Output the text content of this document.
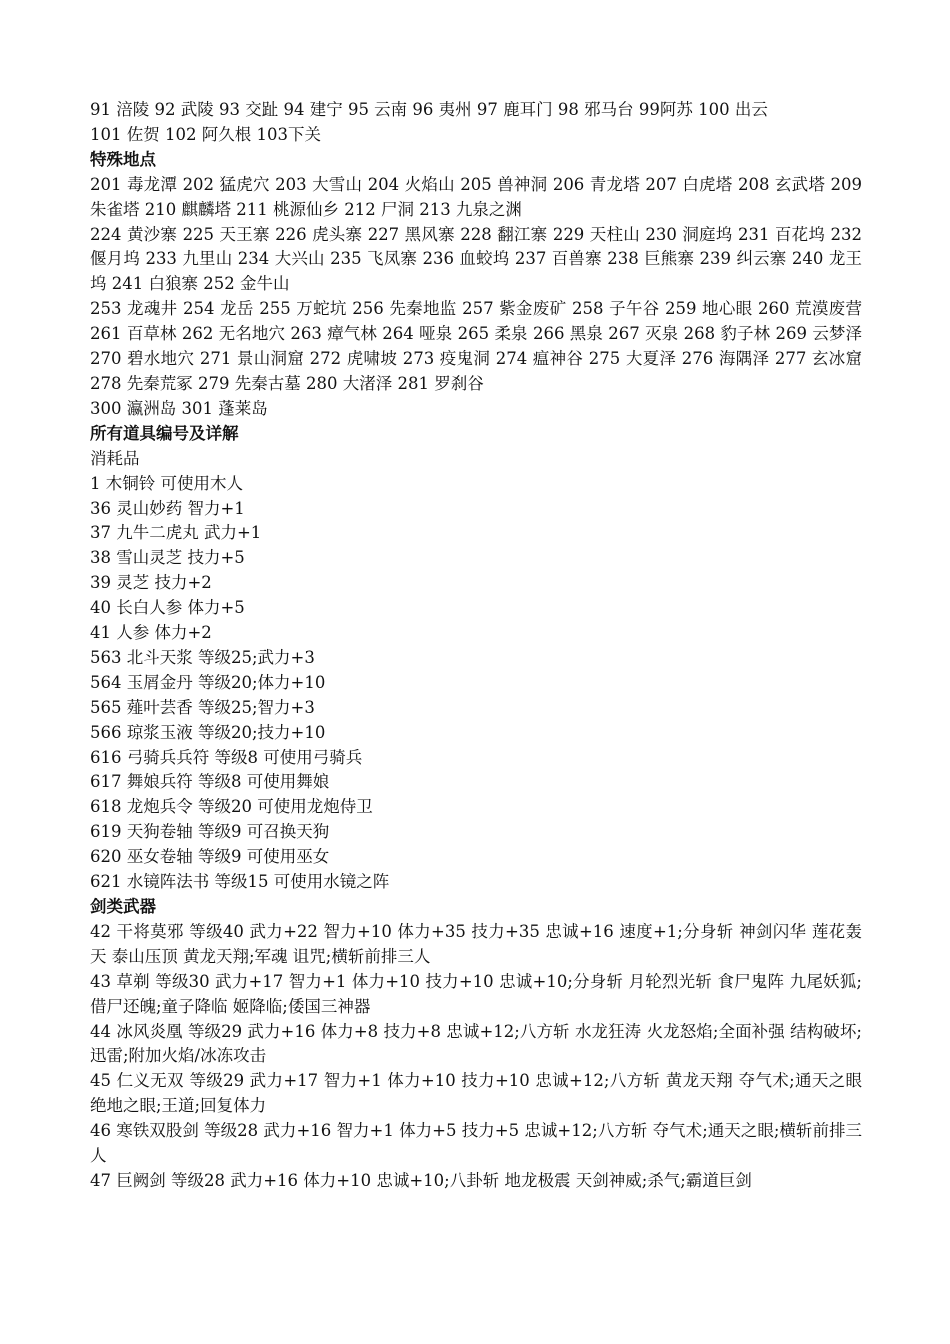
91 涪陵 92 武陵 93 交趾 94 建宁 95 云南 96 夷州 97 鹿耳门 98 邪马台 99阿苏 100 出云

101 佐贺 102 阿久根 103下关

特殊地点

201 毒龙潭 202 猛虎穴 203 大雪山 204 火焰山 205 兽神洞 206 青龙塔 207 白虎塔 208 玄武塔 209 朱雀塔 210 麒麟塔 211 桃源仙乡 212 尸洞 213 九泉之渊

224 黄沙寨 225 天王寨 226 虎头寨 227 黑风寨 228 翻江寨 229 天柱山 230 洞庭坞 231 百花坞 232 偃月坞 233 九里山 234 大兴山 235 飞凤寨 236 血蛟坞 237 百兽寨 238 巨熊寨 239 纠云寨 240 龙王坞 241 白狼寨 252 金牛山

253 龙魂井 254 龙岳 255 万蛇坑 256 先秦地监 257 紫金废矿 258 子午谷 259 地心眼 260 荒漠废营 261 百草林 262 无名地穴 263 瘴气林 264 哑泉 265 柔泉 266 黑泉 267 灭泉 268 豹子林 269 云梦泽 270 碧水地穴 271 景山洞窟 272 虎啸坡 273 疫鬼洞 274 瘟神谷 275 大夏泽 276 海隅泽 277 玄冰窟 278 先秦荒冢 279 先秦古墓 280 大渚泽 281 罗刹谷

300 瀛洲岛 301 蓬莱岛

所有道具编号及详解

消耗品

1 木铜铃 可使用木人

36 灵山妙药 智力+1

37 九牛二虎丸 武力+1

38 雪山灵芝 技力+5

39 灵芝 技力+2

40 长白人参 体力+5

41 人参 体力+2

563 北斗天浆 等级25;武力+3

564 玉屑金丹 等级20;体力+10

565 薤叶芸香 等级25;智力+3

566 琼浆玉液 等级20;技力+10

616 弓骑兵兵符 等级8 可使用弓骑兵

617 舞娘兵符 等级8 可使用舞娘

618 龙炮兵令 等级20 可使用龙炮侍卫

619 天狗卷轴 等级9 可召换天狗

620 巫女卷轴 等级9 可使用巫女

621 水镜阵法书 等级15 可使用水镜之阵

剑类武器

42 干将莫邪 等级40 武力+22 智力+10 体力+35 技力+35 忠诚+16 速度+1;分身斩 神剑闪华 莲花轰天 泰山压顶 黄龙天翔;军魂 诅咒;横斩前排三人

43 草剃 等级30 武力+17 智力+1 体力+10 技力+10 忠诚+10;分身斩 月轮烈光斩 食尸鬼阵 九尾妖狐;借尸还魄;童子降临 姬降临;倭国三神器

44 冰风炎凰 等级29 武力+16 体力+8 技力+8 忠诚+12;八方斩 水龙狂涛 火龙怒焰;全面补强 结构破坏;迅雷;附加火焰/冰冻攻击

45 仁义无双 等级29 武力+17 智力+1 体力+10 技力+10 忠诚+12;八方斩 黄龙天翔 夺气术;通天之眼 绝地之眼;王道;回复体力

46 寒铁双股剑 等级28 武力+16 智力+1 体力+5 技力+5 忠诚+12;八方斩 夺气术;通天之眼;横斩前排三人

47 巨阙剑 等级28 武力+16 体力+10 忠诚+10;八卦斩 地龙极震 天剑神威;杀气;霸道巨剑
